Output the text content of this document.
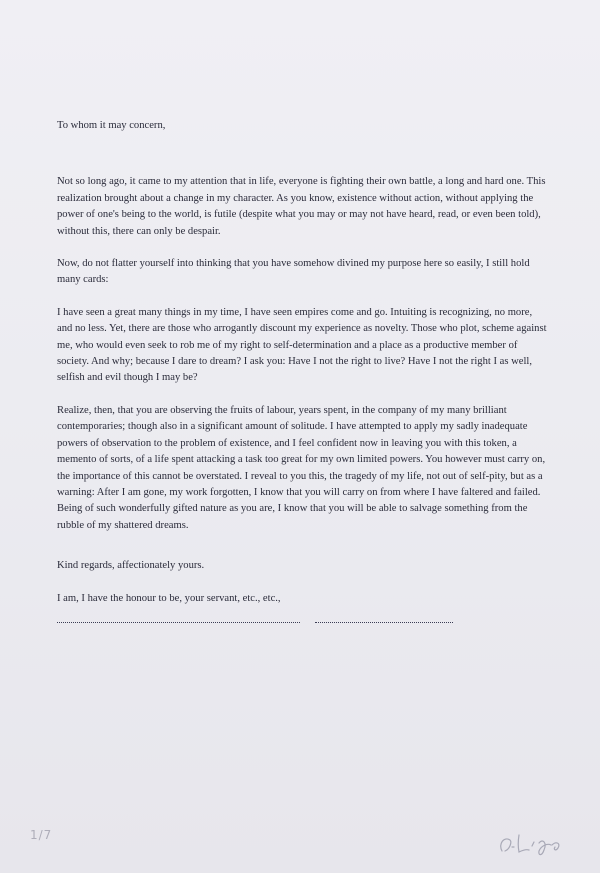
To whom it may concern,

Not so long ago, it came to my attention that in life, everyone is fighting their own battle, a long and hard one. This realization brought about a change in my character. As you know, existence without action, without applying the power of one's being to the world, is futile (despite what you may or may not have heard, read, or even been told), without this, there can only be despair.

Now, do not flatter yourself into thinking that you have somehow divined my purpose here so easily, I still hold many cards:

I have seen a great many things in my time, I have seen empires come and go. Intuiting is recognizing, no more, and no less. Yet, there are those who arrogantly discount my experience as novelty. Those who plot, scheme against me, who would even seek to rob me of my right to self-determination and a place as a productive member of society. And why; because I dare to dream? I ask you: Have I not the right to live? Have I not the right I as well, selfish and evil though I may be?

Realize, then, that you are observing the fruits of labour, years spent, in the company of my many brilliant contemporaries; though also in a significant amount of solitude. I have attempted to apply my sadly inadequate powers of observation to the problem of existence, and I feel confident now in leaving you with this token, a memento of sorts, of a life spent attacking a task too great for my own limited powers. You however must carry on, the importance of this cannot be overstated. I reveal to you this, the tragedy of my life, not out of self-pity, but as a warning: After I am gone, my work forgotten, I know that you will carry on from where I have faltered and failed. Being of such wonderfully gifted nature as you are, I know that you will be able to salvage something from the rubble of my shattered dreams.

Kind regards, affectionately yours.

I am, I have the honour to be, your servant, etc., etc.,

1/7
